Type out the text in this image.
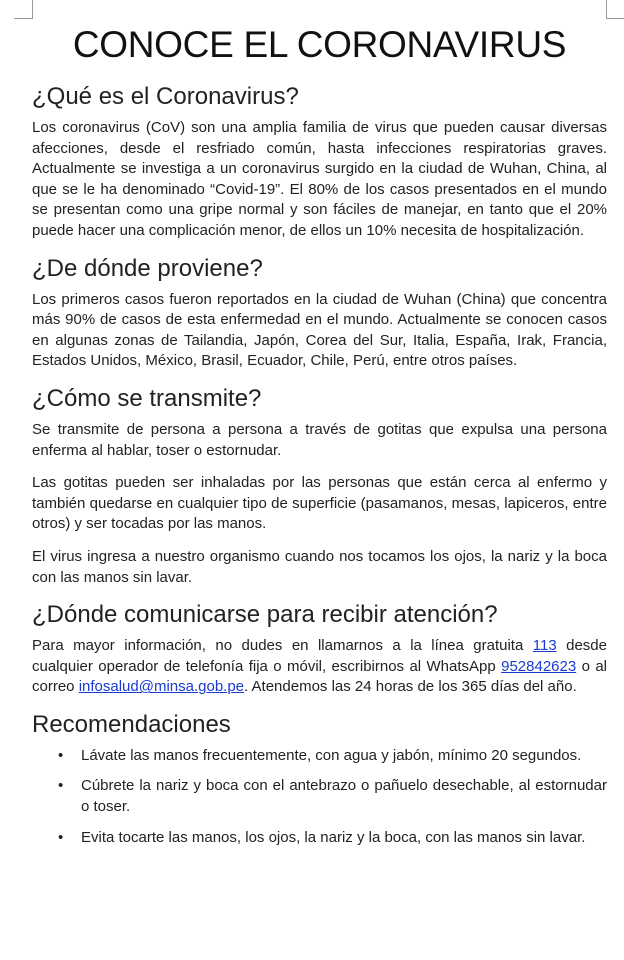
CONOCE EL CORONAVIRUS
¿Qué es el Coronavirus?

Los coronavirus (CoV) son una amplia familia de virus que pueden causar diversas afecciones, desde el resfriado común, hasta infecciones respiratorias graves. Actualmente se investiga a un coronavirus surgido en la ciudad de Wuhan, China, al que se le ha denominado “Covid-19”. El 80% de los casos presentados en el mundo se presentan como una gripe normal y son fáciles de manejar, en tanto que el 20% puede hacer una complicación menor, de ellos un 10% necesita de hospitalización.

¿De dónde proviene?

Los primeros casos fueron reportados en la ciudad de Wuhan (China) que concentra más 90% de casos de esta enfermedad en el mundo. Actualmente se conocen casos en algunas zonas de Tailandia, Japón, Corea del Sur, Italia, España, Irak, Francia, Estados Unidos, México, Brasil, Ecuador, Chile, Perú, entre otros países.

¿Cómo se transmite?

Se transmite de persona a persona a través de gotitas que expulsa una persona enferma al hablar, toser o estornudar.

Las gotitas pueden ser inhaladas por las personas que están cerca al enfermo y también quedarse en cualquier tipo de superficie (pasamanos, mesas, lapiceros, entre otros) y ser tocadas por las manos.

El virus ingresa a nuestro organismo cuando nos tocamos los ojos, la nariz y la boca con las manos sin lavar.

¿Dónde comunicarse para recibir atención?

Para mayor información, no dudes en llamarnos a la línea gratuita 113 desde cualquier operador de telefonía fija o móvil, escribirnos al WhatsApp 952842623 o al correo infosalud@minsa.gob.pe. Atendemos las 24 horas de los 365 días del año.

Recomendaciones
• Lávate las manos frecuentemente, con agua y jabón, mínimo 20 segundos.
• Cúbrete la nariz y boca con el antebrazo o pañuelo desechable, al estornudar o toser.
• Evita tocarte las manos, los ojos, la nariz y la boca, con las manos sin lavar.
